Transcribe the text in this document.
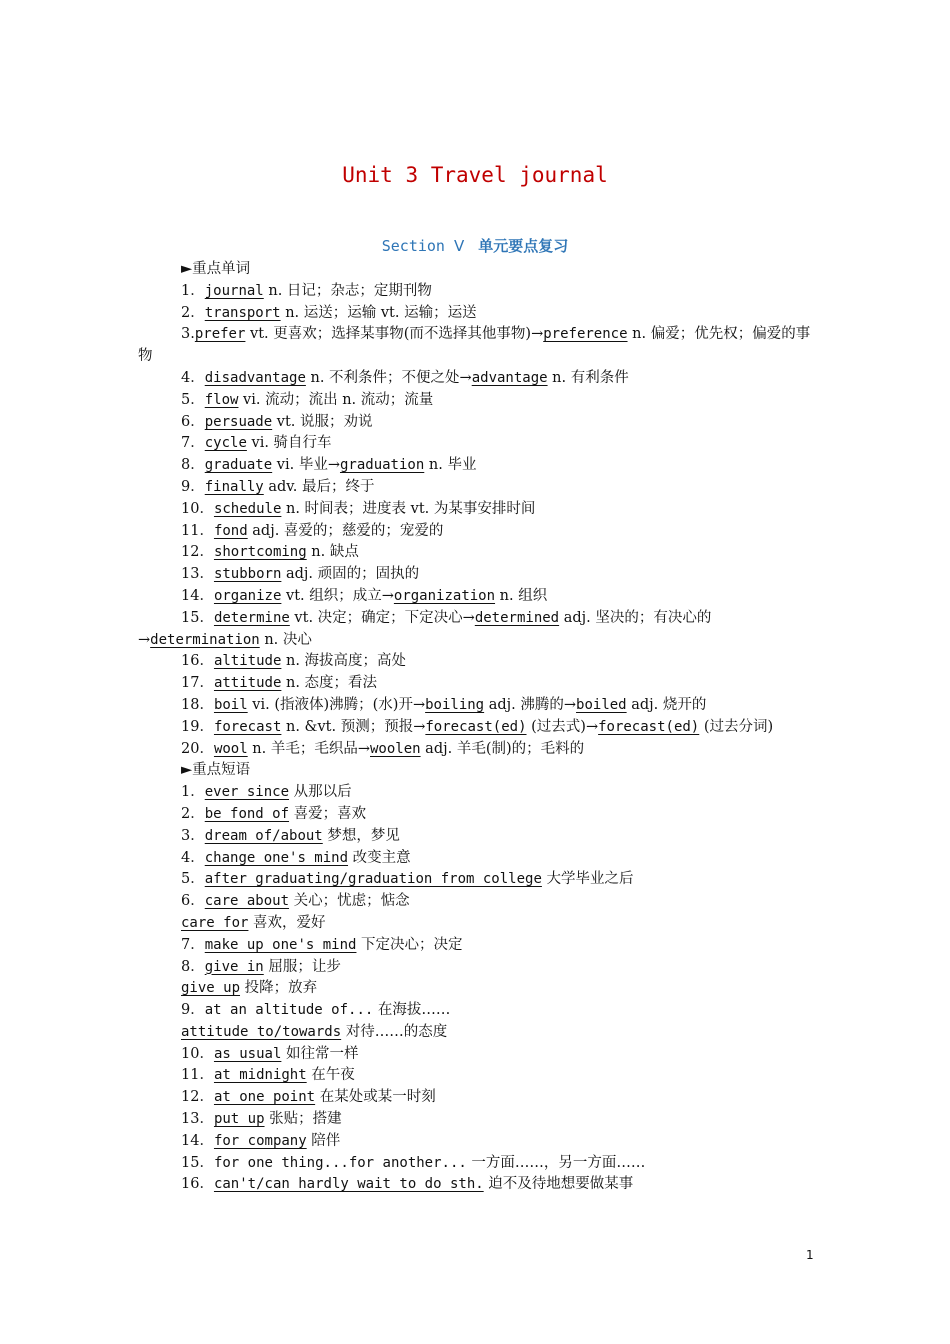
Unit 3 Travel journal
Section Ⅴ 单元要点复习
►重点单词
1．journal n. 日记；杂志；定期刊物
2．transport n. 运送；运输 vt. 运输；运送
3.prefer vt. 更喜欢；选择某事物(而不选择其他事物)→preference n. 偏爱；优先权；偏爱的事物
4．disadvantage n. 不利条件；不便之处→advantage n. 有利条件
5．flow vi. 流动；流出 n. 流动；流量
6．persuade vt. 说服；劝说
7．cycle vi. 骑自行车
8．graduate vi. 毕业→graduation n. 毕业
9．finally adv. 最后；终于
10．schedule n. 时间表；进度表 vt. 为某事安排时间
11．fond adj. 喜爱的；慈爱的；宠爱的
12．shortcoming n. 缺点
13．stubborn adj. 顽固的；固执的
14．organize vt. 组织；成立→organization n. 组织
15．determine vt. 决定；确定；下定决心→determined adj. 坚决的；有决心的→determination n. 决心
16．altitude n. 海拔高度；高处
17．attitude n. 态度；看法
18．boil vi. (指液体)沸腾；(水)开→boiling adj. 沸腾的→boiled adj. 烧开的
19．forecast n. &vt. 预测；预报→forecast(ed) (过去式)→forecast(ed) (过去分词)
20．wool n. 羊毛；毛织品→woolen adj. 羊毛(制)的；毛料的
►重点短语
1．ever since 从那以后
2．be fond of 喜爱；喜欢
3．dream of/about 梦想，梦见
4．change one's mind 改变主意
5．after graduating/graduation from college 大学毕业之后
6．care about 关心；忧虑；惦念
care for 喜欢，爱好
7．make up one's mind 下定决心；决定
8．give in 屈服；让步
give up 投降；放弃
9．at an altitude of... 在海拔……
attitude to/towards 对待……的态度
10．as usual 如往常一样
11．at midnight 在午夜
12．at one point 在某处或某一时刻
13．put up 张贴；搭建
14．for company 陪伴
15．for one thing...for another... 一方面……，另一方面……
16．can't/can hardly wait to do sth. 迫不及待地想要做某事
1
